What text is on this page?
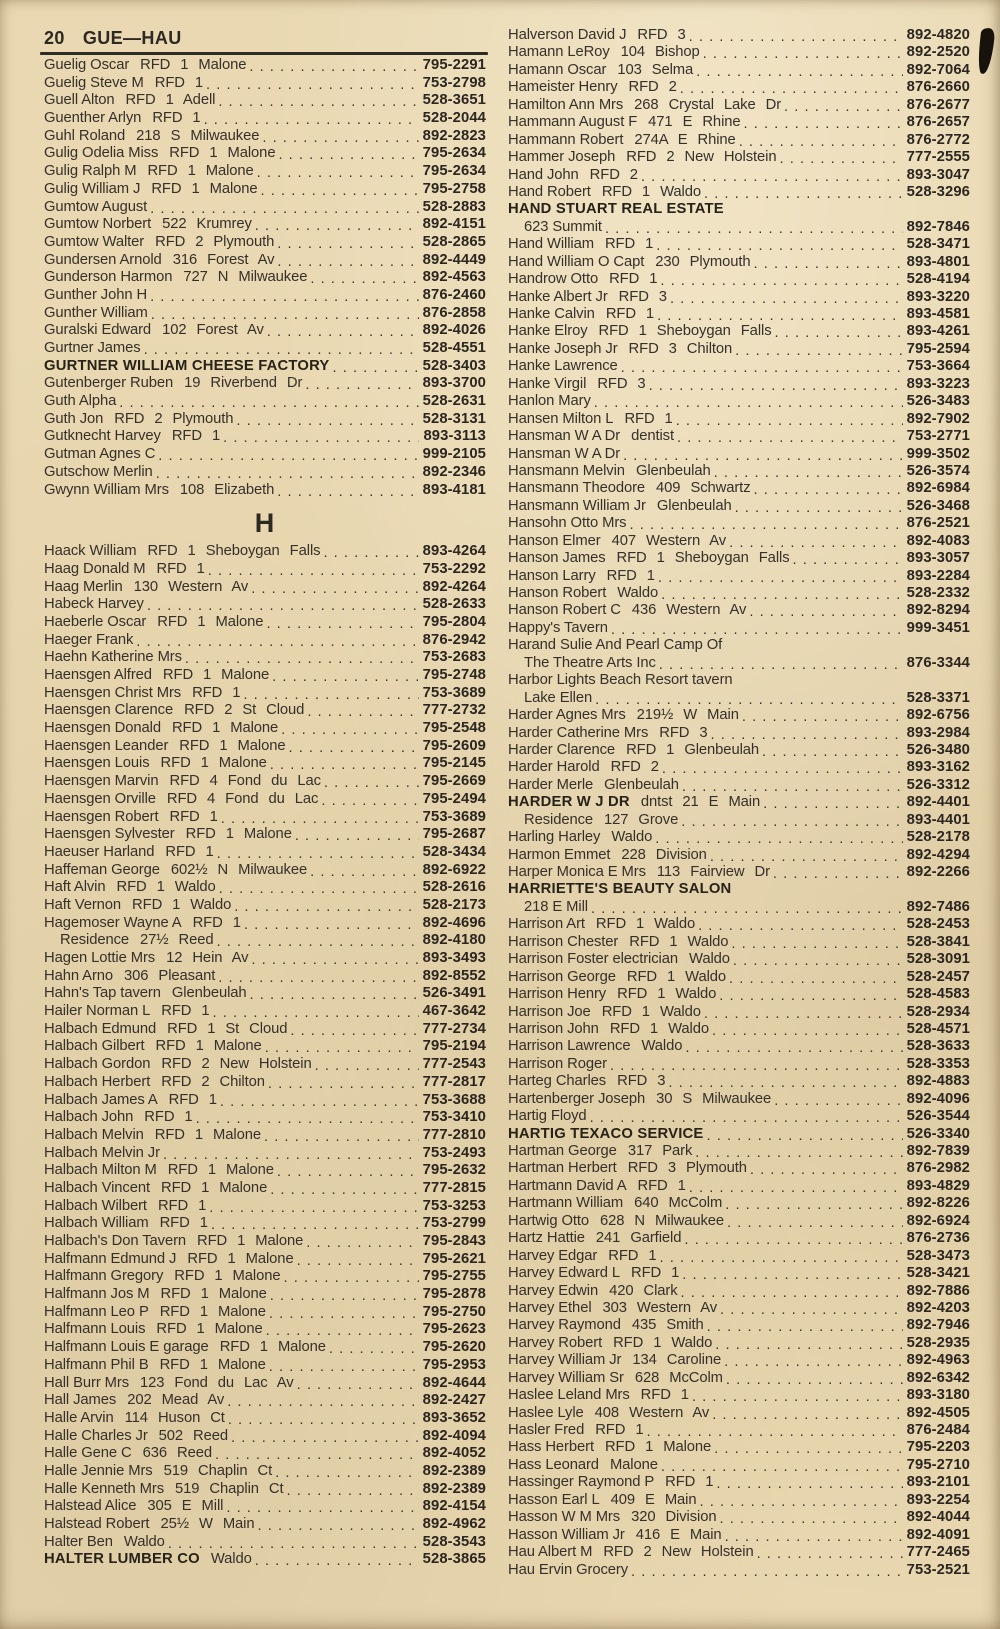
20 GUE—HAU
Guelig Oscar RFD 1 Malone . . .	795-2291
Guelig Steve M RFD 1 . . .	753-2798
Guell Alton RFD 1 Adell . . .	528-3651
Guenther Arlyn RFD 1 . . .	528-2044
Guhl Roland 218 S Milwaukee . . .	892-2823
Gulig Odelia Miss RFD 1 Malone . . .	795-2634
Gulig Ralph M RFD 1 Malone . . .	795-2634
Gulig William J RFD 1 Malone . . .	795-2758
Gumtow August . . .	528-2883
Gumtow Norbert 522 Krumrey . . .	892-4151
Gumtow Walter RFD 2 Plymouth . . .	528-2865
Gundersen Arnold 316 Forest Av . . .	892-4449
Gunderson Harmon 727 N Milwaukee . . .	892-4563
Gunther John H . . .	876-2460
Gunther William . . .	876-2858
Guralski Edward 102 Forest Av . . .	892-4026
Gurtner James . . .	528-4551
GURTNER WILLIAM CHEESE FACTORY . . .	528-3403
Gutenberger Ruben 19 Riverbend Dr . . .	893-3700
Guth Alpha . . .	528-2631
Guth Jon RFD 2 Plymouth . . .	528-3131
Gutknecht Harvey RFD 1 . . .	893-3113
Gutman Agnes C . . .	999-2105
Gutschow Merlin . . .	892-2346
Gwynn William Mrs 108 Elizabeth . . .	893-4181
H
Haack William RFD 1 Sheboygan Falls . . .	893-4264
Haag Donald M RFD 1 . . .	753-2292
Haag Merlin 130 Western Av . . .	892-4264
Habeck Harvey . . .	528-2633
Haeberle Oscar RFD 1 Malone . . .	795-2804
Haeger Frank . . .	876-2942
Haehn Katherine Mrs . . .	753-2683
Haensgen Alfred RFD 1 Malone . . .	795-2748
Haensgen Christ Mrs RFD 1 . . .	753-3689
Haensgen Clarence RFD 2 St Cloud . . .	777-2732
Haensgen Donald RFD 1 Malone . . .	795-2548
Haensgen Leander RFD 1 Malone . . .	795-2609
Haensgen Louis RFD 1 Malone . . .	795-2145
Haensgen Marvin RFD 4 Fond du Lac . . .	795-2669
Haensgen Orville RFD 4 Fond du Lac . . .	795-2494
Haensgen Robert RFD 1 . . .	753-3689
Haensgen Sylvester RFD 1 Malone . . .	795-2687
Haeuser Harland RFD 1 . . .	528-3434
Haffeman George 602½ N Milwaukee . . .	892-6922
Haft Alvin RFD 1 Waldo . . .	528-2616
Haft Vernon RFD 1 Waldo . . .	528-2173
Hagemoser Wayne A RFD 1 . . .	892-4696
Residence 27½ Reed . . .	892-4180
Hagen Lottie Mrs 12 Hein Av . . .	893-3493
Hahn Arno 306 Pleasant . . .	892-8552
Hahn's Tap tavern Glenbeulah . . .	526-3491
Hailer Norman L RFD 1 . . .	467-3642
Halbach Edmund RFD 1 St Cloud . . .	777-2734
Halbach Gilbert RFD 1 Malone . . .	795-2194
Halbach Gordon RFD 2 New Holstein . . .	777-2543
Halbach Herbert RFD 2 Chilton . . .	777-2817
Halbach James A RFD 1 . . .	753-3688
Halbach John RFD 1 . . .	753-3410
Halbach Melvin RFD 1 Malone . . .	777-2810
Halbach Melvin Jr . . .	753-2493
Halbach Milton M RFD 1 Malone . . .	795-2632
Halbach Vincent RFD 1 Malone . . .	777-2815
Halbach Wilbert RFD 1 . . .	753-3253
Halbach William RFD 1 . . .	753-2799
Halbach's Don Tavern RFD 1 Malone . . .	795-2843
Halfmann Edmund J RFD 1 Malone . . .	795-2621
Halfmann Gregory RFD 1 Malone . . .	795-2755
Halfmann Jos M RFD 1 Malone . . .	795-2878
Halfmann Leo P RFD 1 Malone . . .	795-2750
Halfmann Louis RFD 1 Malone . . .	795-2623
Halfmann Louis E garage RFD 1 Malone . . .	795-2620
Halfmann Phil B RFD 1 Malone . . .	795-2953
Hall Burr Mrs 123 Fond du Lac Av . . .	892-4644
Hall James 202 Mead Av . . .	892-2427
Halle Arvin 114 Huson Ct . . .	893-3652
Halle Charles Jr 502 Reed . . .	892-4094
Halle Gene C 636 Reed . . .	892-4052
Halle Jennie Mrs 519 Chaplin Ct . . .	892-2389
Halle Kenneth Mrs 519 Chaplin Ct . . .	892-2389
Halstead Alice 305 E Mill . . .	892-4154
Halstead Robert 25½ W Main . . .	892-4962
Halter Ben Waldo . . .	528-3543
HALTER LUMBER CO Waldo . . .	528-3865
Halverson David J RFD 3 . . .	892-4820
Hamann LeRoy 104 Bishop . . .	892-2520
Hamann Oscar 103 Selma . . .	892-7064
Hameister Henry RFD 2 . . .	876-2660
Hamilton Ann Mrs 268 Crystal Lake Dr . . .	876-2677
Hammann August F 471 E Rhine . . .	876-2657
Hammann Robert 274A E Rhine . . .	876-2772
Hammer Joseph RFD 2 New Holstein . . .	777-2555
Hand John RFD 2 . . .	893-3047
Hand Robert RFD 1 Waldo . . .	528-3296
HAND STUART REAL ESTATE
623 Summit . . .	892-7846
Hand William RFD 1 . . .	528-3471
Hand William O Capt 230 Plymouth . . .	893-4801
Handrow Otto RFD 1 . . .	528-4194
Hanke Albert Jr RFD 3 . . .	893-3220
Hanke Calvin RFD 1 . . .	893-4581
Hanke Elroy RFD 1 Sheboygan Falls . . .	893-4261
Hanke Joseph Jr RFD 3 Chilton . . .	795-2594
Hanke Lawrence . . .	753-3664
Hanke Virgil RFD 3 . . .	893-3223
Hanlon Mary . . .	526-3483
Hansen Milton L RFD 1 . . .	892-7902
Hansman W A Dr dentist . . .	753-2771
Hansman W A Dr . . .	999-3502
Hansmann Melvin Glenbeulah . . .	526-3574
Hansmann Theodore 409 Schwartz . . .	892-6984
Hansmann William Jr Glenbeulah . . .	526-3468
Hansohn Otto Mrs . . .	876-2521
Hanson Elmer 407 Western Av . . .	892-4083
Hanson James RFD 1 Sheboygan Falls . . .	893-3057
Hanson Larry RFD 1 . . .	893-2284
Hanson Robert Waldo . . .	528-2332
Hanson Robert C 436 Western Av . . .	892-8294
Happy's Tavern . . .	999-3451
Harand Sulie And Pearl Camp Of
The Theatre Arts Inc . . .	876-3344
Harbor Lights Beach Resort tavern
Lake Ellen . . .	528-3371
Harder Agnes Mrs 219½ W Main . . .	892-6756
Harder Catherine Mrs RFD 3 . . .	893-2984
Harder Clarence RFD 1 Glenbeulah . . .	526-3480
Harder Harold RFD 2 . . .	893-3162
Harder Merle Glenbeulah . . .	526-3312
HARDER W J DR dntst 21 E Main . . .	892-4401
Residence 127 Grove . . .	893-4401
Harling Harley Waldo . . .	528-2178
Harmon Emmet 228 Division . . .	892-4294
Harper Monica E Mrs 113 Fairview Dr . . .	892-2266
HARRIETTE'S BEAUTY SALON
218 E Mill . . .	892-7486
Harrison Art RFD 1 Waldo . . .	528-2453
Harrison Chester RFD 1 Waldo . . .	528-3841
Harrison Foster electrician Waldo . . .	528-3091
Harrison George RFD 1 Waldo . . .	528-2457
Harrison Henry RFD 1 Waldo . . .	528-4583
Harrison Joe RFD 1 Waldo . . .	528-2934
Harrison John RFD 1 Waldo . . .	528-4571
Harrison Lawrence Waldo . . .	528-3633
Harrison Roger . . .	528-3353
Harteg Charles RFD 3 . . .	892-4883
Hartenberger Joseph 30 S Milwaukee . . .	892-4096
Hartig Floyd . . .	526-3544
HARTIG TEXACO SERVICE . . .	526-3340
Hartman George 317 Park . . .	892-7839
Hartman Herbert RFD 3 Plymouth . . .	876-2982
Hartmann David A RFD 1 . . .	893-4829
Hartmann William 640 McColm . . .	892-8226
Hartwig Otto 628 N Milwaukee . . .	892-6924
Hartz Hattie 241 Garfield . . .	876-2736
Harvey Edgar RFD 1 . . .	528-3473
Harvey Edward L RFD 1 . . .	528-3421
Harvey Edwin 420 Clark . . .	892-7886
Harvey Ethel 303 Western Av . . .	892-4203
Harvey Raymond 435 Smith . . .	892-7946
Harvey Robert RFD 1 Waldo . . .	528-2935
Harvey William Jr 134 Caroline . . .	892-4963
Harvey William Sr 628 McColm . . .	892-6342
Haslee Leland Mrs RFD 1 . . .	893-3180
Haslee Lyle 408 Western Av . . .	892-4505
Hasler Fred RFD 1 . . .	876-2484
Hass Herbert RFD 1 Malone . . .	795-2203
Hass Leonard Malone . . .	795-2710
Hassinger Raymond P RFD 1 . . .	893-2101
Hasson Earl L 409 E Main . . .	893-2254
Hasson W M Mrs 320 Division . . .	892-4044
Hasson William Jr 416 E Main . . .	892-4091
Hau Albert M RFD 2 New Holstein . . .	777-2465
Hau Ervin Grocery . . .	753-2521
